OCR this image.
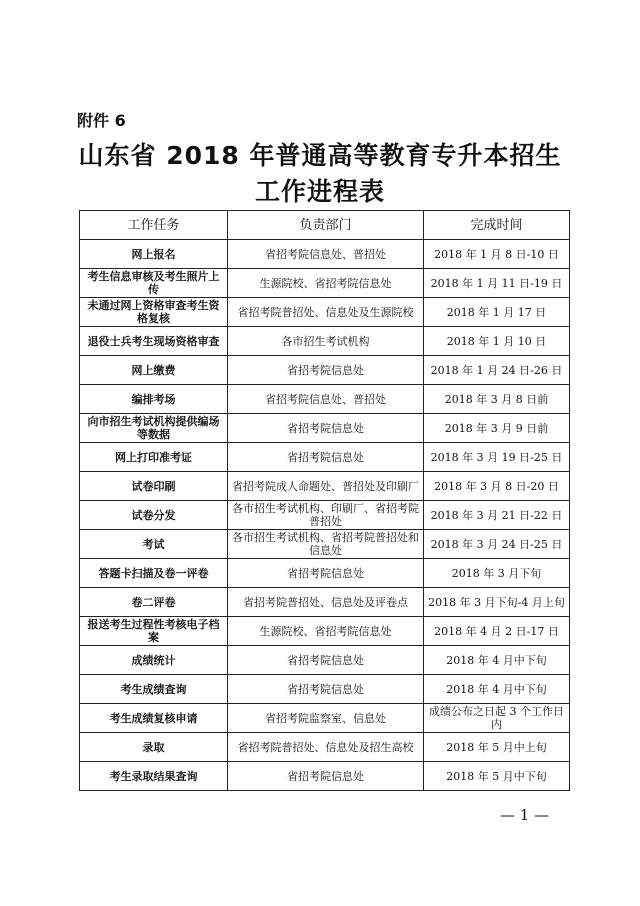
附件 6
山东省 2018 年普通高等教育专升本招生
工作进程表
工作任务	负责部门	完成时间
网上报名	省招考院信息处、普招处	2018 年 1 月 8 日-10 日
考生信息审核及考生照片上传	生源院校、省招考院信息处	2018 年 1 月 11 日-19 日
未通过网上资格审查考生资格复核	省招考院普招处、信息处及生源院校	2018 年 1 月 17 日
退役士兵考生现场资格审查	各市招生考试机构	2018 年 1 月 10 日
网上缴费	省招考院信息处	2018 年 1 月 24 日-26 日
编排考场	省招考院信息处、普招处	2018 年 3 月 8 日前
向市招生考试机构提供编场等数据	省招考院信息处	2018 年 3 月 9 日前
网上打印准考证	省招考院信息处	2018 年 3 月 19 日-25 日
试卷印刷	省招考院成人命题处、普招处及印刷厂	2018 年 3 月 8 日-20 日
试卷分发	各市招生考试机构、印刷厂、省招考院普招处	2018 年 3 月 21 日-22 日
考试	各市招生考试机构、省招考院普招处和信息处	2018 年 3 月 24 日-25 日
答题卡扫描及卷一评卷	省招考院信息处	2018 年 3 月下旬
卷二评卷	省招考院普招处、信息处及评卷点	2018 年 3 月下旬-4 月上旬
报送考生过程性考核电子档案	生源院校、省招考院信息处	2018 年 4 月 2 日-17 日
成绩统计	省招考院信息处	2018 年 4 月中下旬
考生成绩查询	省招考院信息处	2018 年 4 月中下旬
考生成绩复核申请	省招考院监察室、信息处	成绩公布之日起 3 个工作日内
录取	省招考院普招处、信息处及招生高校	2018 年 5 月中上旬
考生录取结果查询	省招考院信息处	2018 年 5 月中下旬
— 1 —
